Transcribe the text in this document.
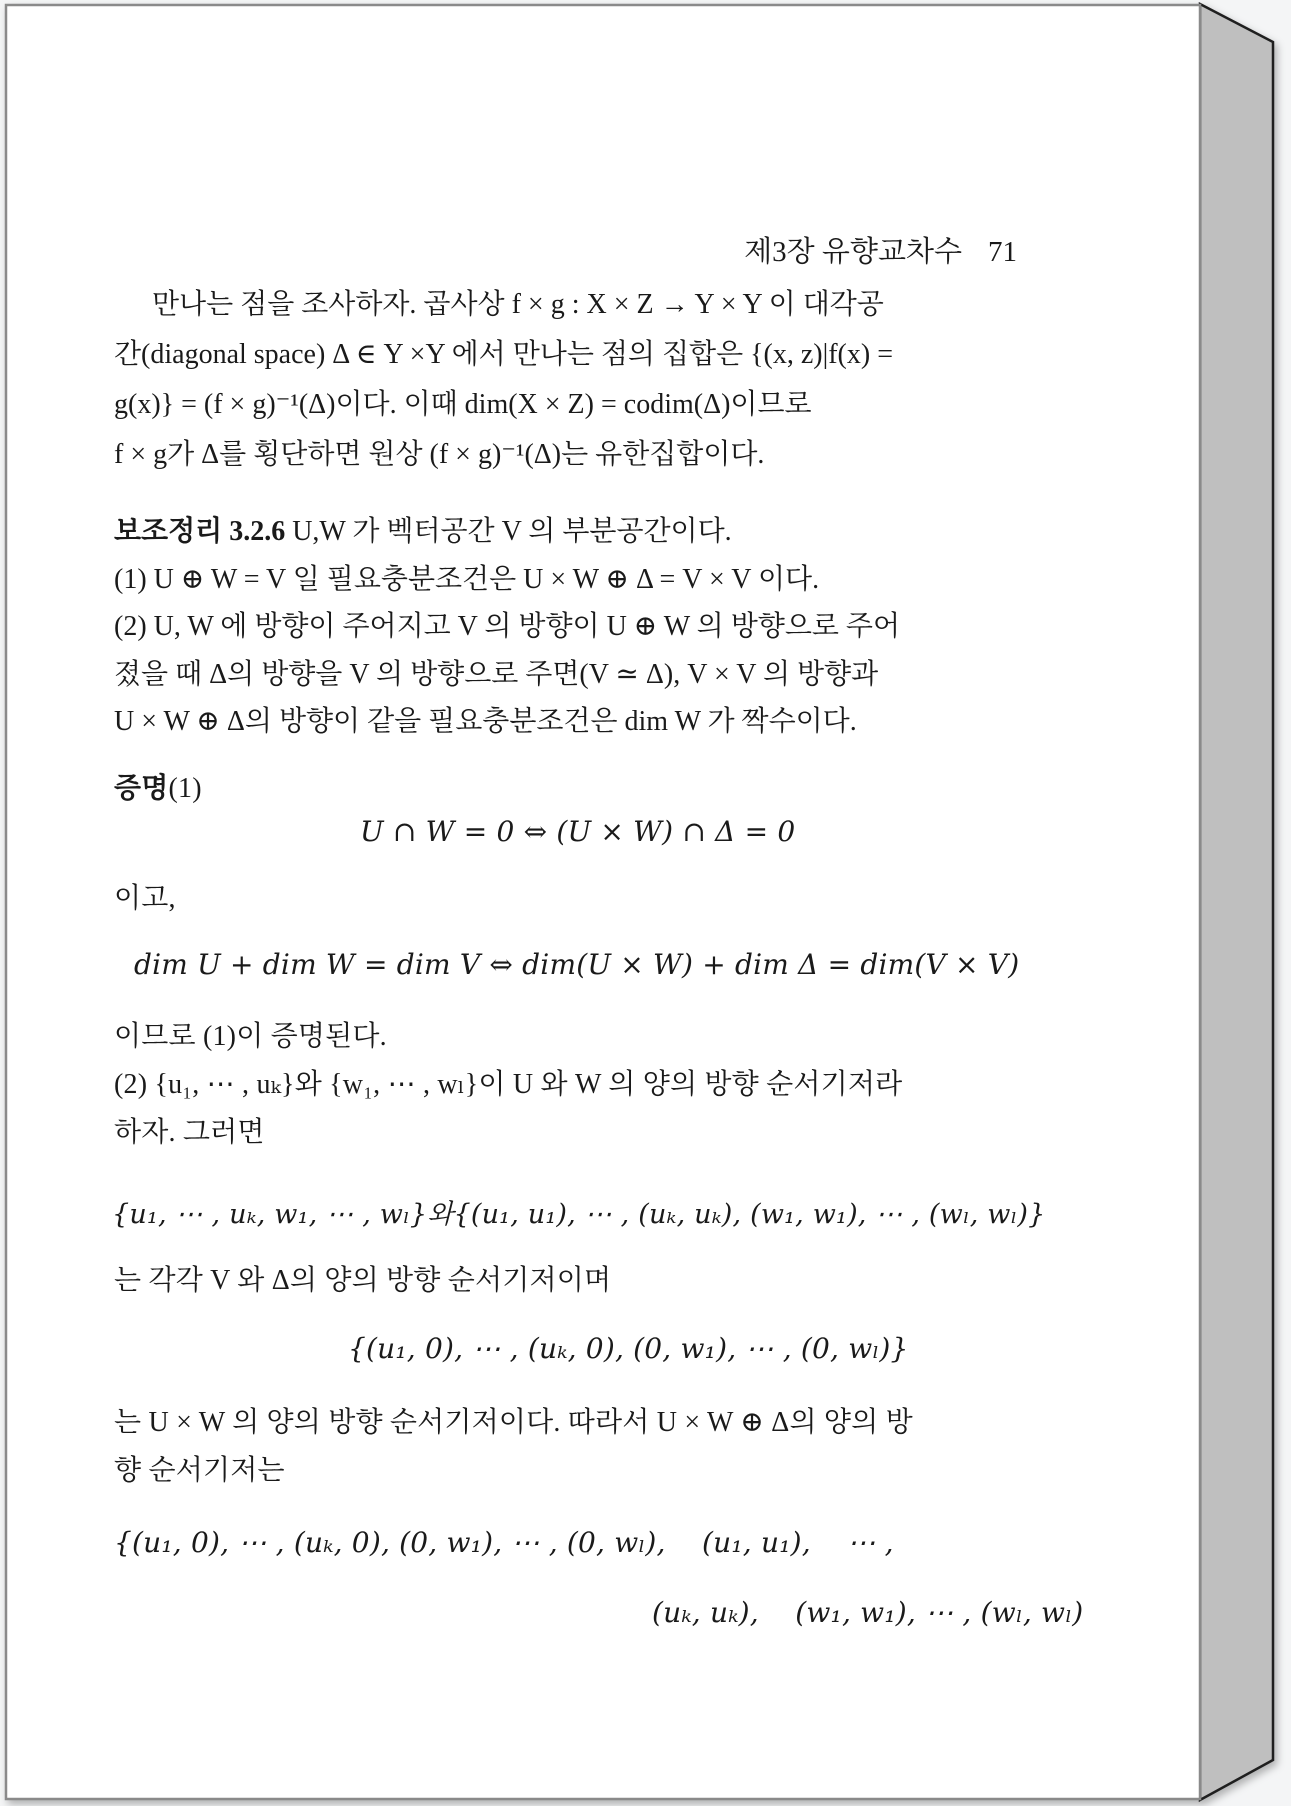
제3장 유향교차수 71

만나는 점을 조사하자. 곱사상 f × g : X × Z → Y × Y 이 대각공
간(diagonal space) Δ ∈ Y ×Y 에서 만나는 점의 집합은 {(x, z)|f(x) =
g(x)} = (f × g)⁻¹(Δ)이다. 이때 dim(X × Z) = codim(Δ)이므로
f × g가 Δ를 횡단하면 원상 (f × g)⁻¹(Δ)는 유한집합이다.
보조정리 3.2.6 U,W 가 벡터공간 V 의 부분공간이다.
(1) U ⊕ W = V 일 필요충분조건은 U × W ⊕ Δ = V × V 이다.
(2) U, W 에 방향이 주어지고 V 의 방향이 U ⊕ W 의 방향으로 주어
졌을 때 Δ의 방향을 V 의 방향으로 주면(V ≃ Δ), V × V 의 방향과
U × W ⊕ Δ의 방향이 같을 필요충분조건은 dim W 가 짝수이다.
증명(1)
U ∩ W = 0 ⇔ (U × W) ∩ Δ = 0
이고,
dim U + dim W = dim V ⇔ dim(U × W) + dim Δ = dim(V × V)
이므로 (1)이 증명된다.
(2) {u₁, ⋯ , uₖ}와 {w₁, ⋯ , wₗ}이 U 와 W 의 양의 방향 순서기저라
하자. 그러면
{u₁, ⋯ , uₖ, w₁, ⋯ , wₗ}와{(u₁, u₁), ⋯ , (uₖ, uₖ), (w₁, w₁), ⋯ , (wₗ, wₗ)}
는 각각 V 와 Δ의 양의 방향 순서기저이며
{(u₁, 0), ⋯ , (uₖ, 0), (0, w₁), ⋯ , (0, wₗ)}
는 U × W 의 양의 방향 순서기저이다. 따라서 U × W ⊕ Δ의 양의 방
향 순서기저는
{(u₁, 0), ⋯ , (uₖ, 0), (0, w₁), ⋯ , (0, wₗ),    (u₁, u₁),    ⋯ ,
(uₖ, uₖ),    (w₁, w₁), ⋯ , (wₗ, wₗ)
